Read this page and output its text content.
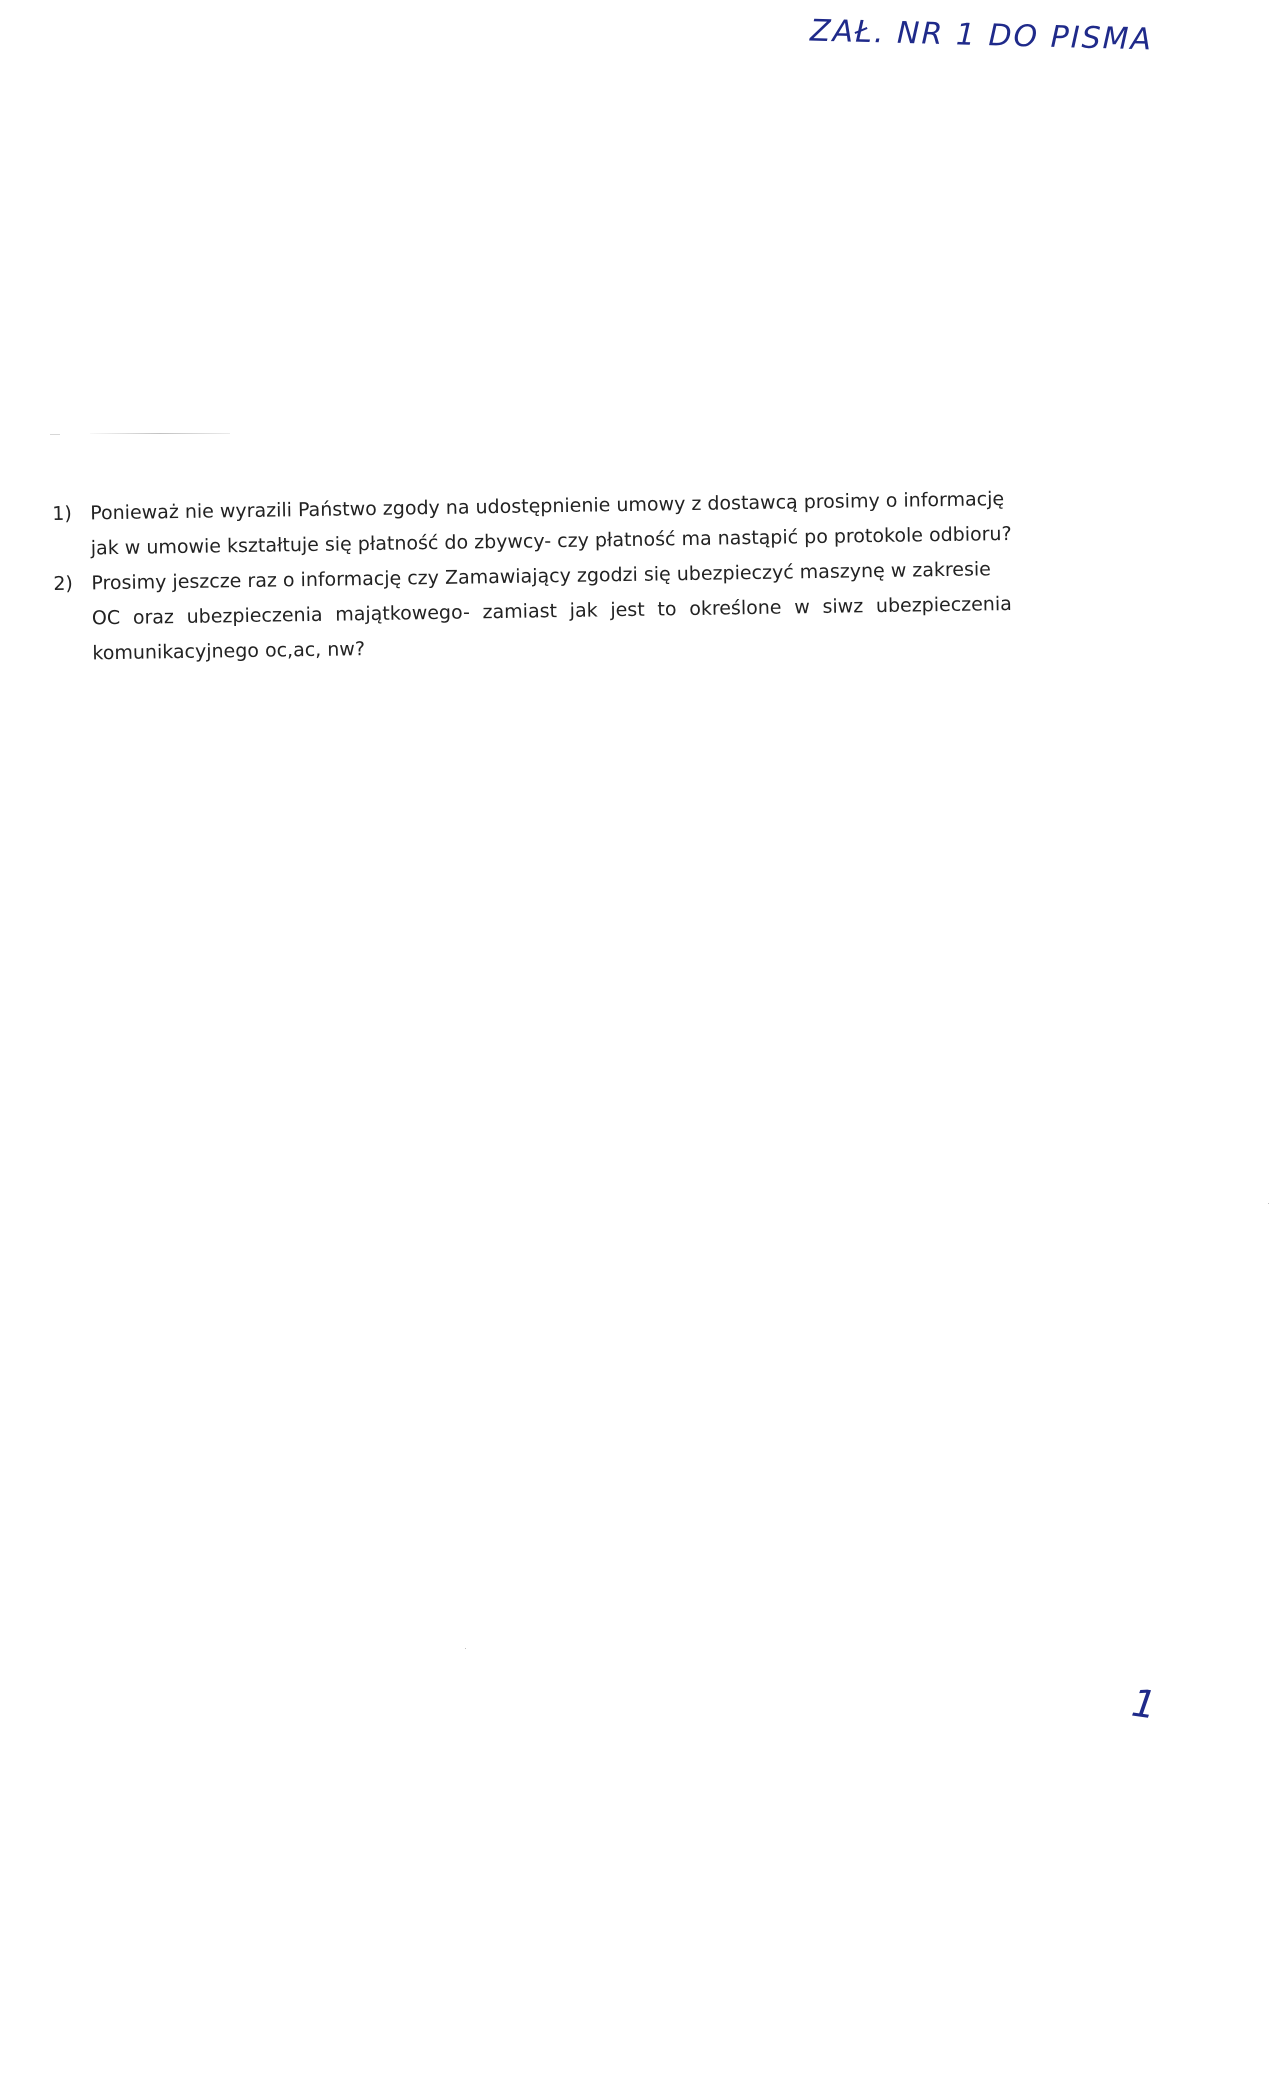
ZAŁ. NR 1 DO PISMA
1) Ponieważ nie wyrazili Państwo zgody na udostępnienie umowy z dostawcą prosimy o informację
jak w umowie kształtuje się płatność do zbywcy- czy płatność ma nastąpić po protokole odbioru?
2) Prosimy jeszcze raz o informację czy Zamawiający zgodzi się ubezpieczyć maszynę w zakresie
OC oraz ubezpieczenia majątkowego- zamiast jak jest to określone w siwz ubezpieczenia
komunikacyjnego oc,ac, nw?
1
